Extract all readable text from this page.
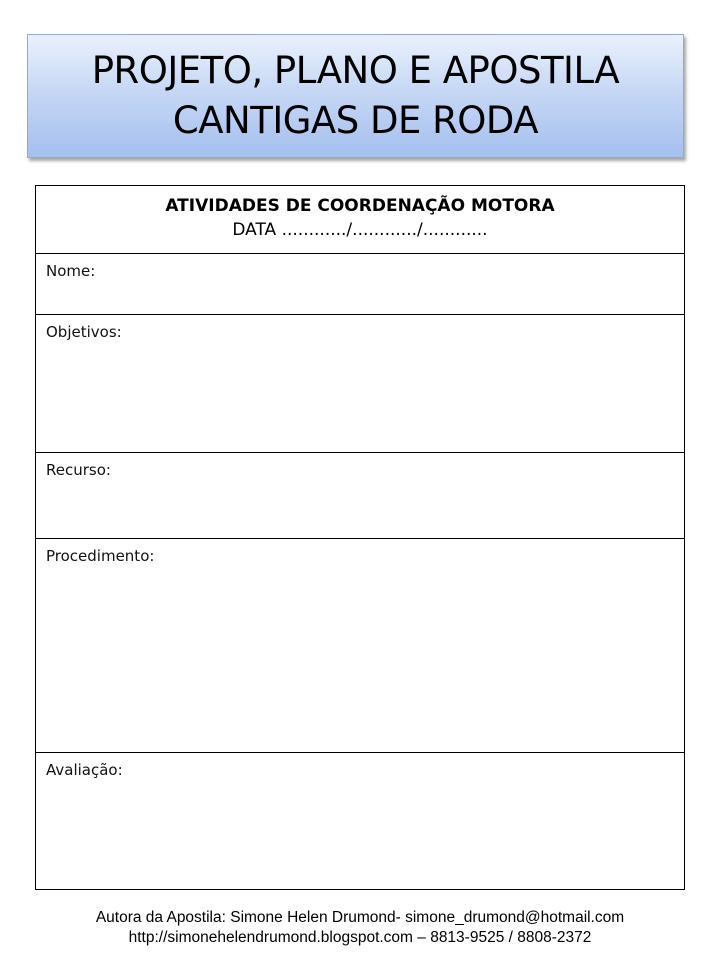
PROJETO, PLANO E APOSTILA
CANTIGAS DE RODA
ATIVIDADES DE COORDENAÇÃO MOTORA
DATA ............/............/............
Nome:
Objetivos:
Recurso:
Procedimento:
Avaliação:
Autora da Apostila: Simone Helen Drumond- simone_drumond@hotmail.com
http://simonehelendrumond.blogspot.com – 8813-9525 / 8808-2372
